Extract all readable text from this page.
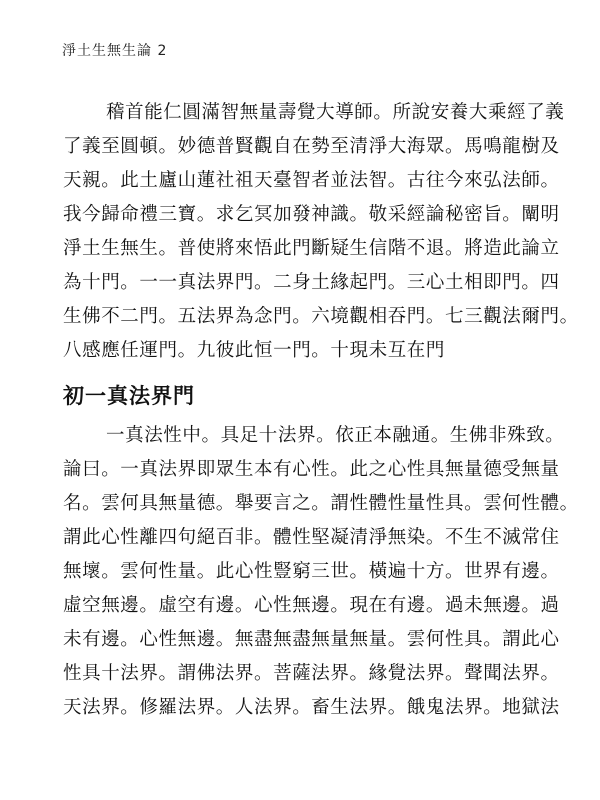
淨土生無生論 2
稽首能仁圓滿智無量壽覺大導師。所說安養大乘經了義
了義至圓頓。妙德普賢觀自在勢至清淨大海眾。馬鳴龍樹及
天親。此土廬山蓮社祖天臺智者並法智。古往今來弘法師。
我今歸命禮三寶。求乞冥加發神識。敬采經論秘密旨。闡明
淨土生無生。普使將來悟此門斷疑生信階不退。將造此論立
為十門。一一真法界門。二身土緣起門。三心土相即門。四
生佛不二門。五法界為念門。六境觀相吞門。七三觀法爾門。
八感應任運門。九彼此恒一門。十現未互在門
初一真法界門
一真法性中。具足十法界。依正本融通。生佛非殊致。
論曰。一真法界即眾生本有心性。此之心性具無量德受無量
名。雲何具無量德。舉要言之。謂性體性量性具。雲何性體。
謂此心性離四句絕百非。體性堅凝清淨無染。不生不滅常住
無壞。雲何性量。此心性豎窮三世。橫遍十方。世界有邊。
虛空無邊。虛空有邊。心性無邊。現在有邊。過未無邊。過
未有邊。心性無邊。無盡無盡無量無量。雲何性具。謂此心
性具十法界。謂佛法界。菩薩法界。緣覺法界。聲聞法界。
天法界。修羅法界。人法界。畜生法界。餓鬼法界。地獄法
